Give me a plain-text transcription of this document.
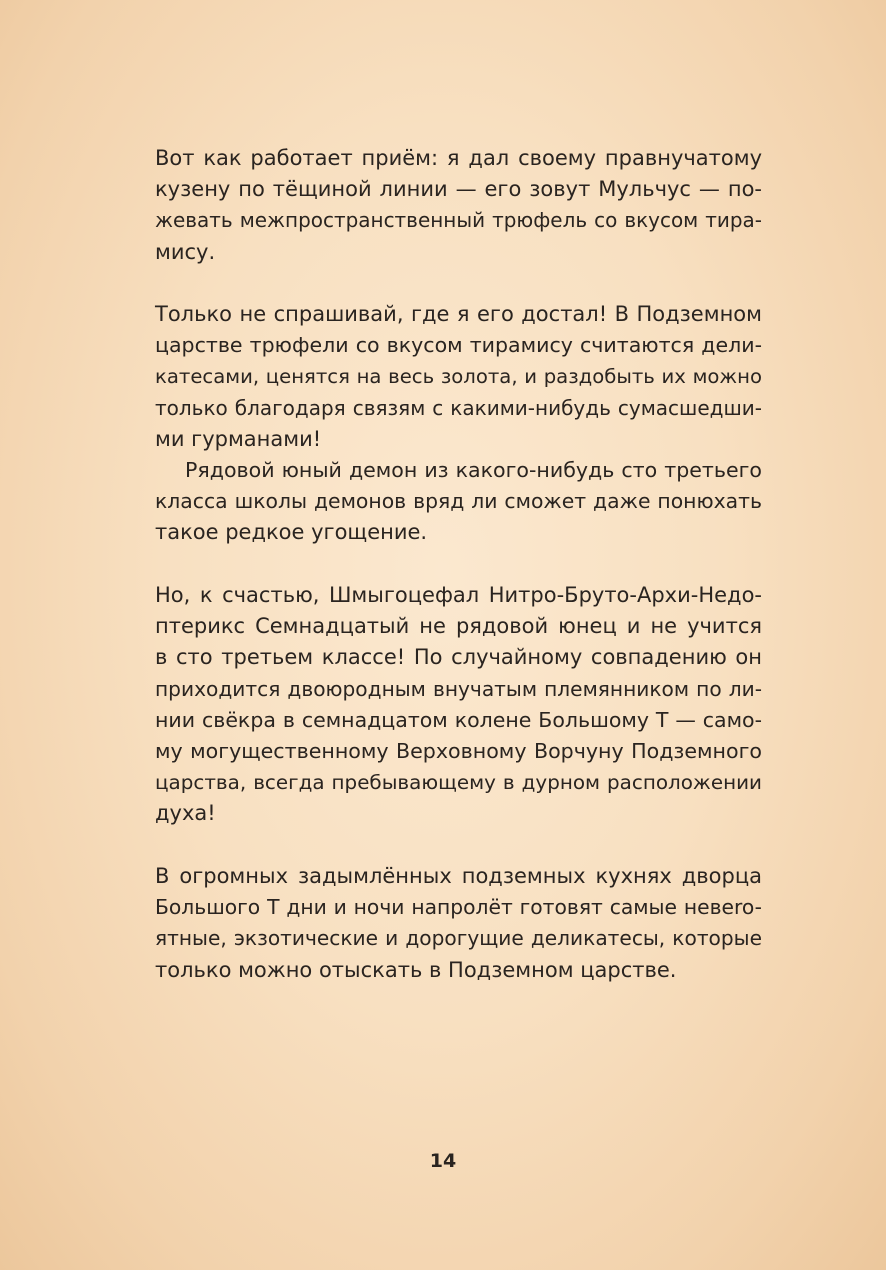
Вот как работает приём: я дал своему правнучатому
кузену по тёщиной линии — его зовут Мульчус — по-
жевать межпространственный трюфель со вкусом тира-
мису.
Только не спрашивай, где я его достал! В Подземном
царстве трюфели со вкусом тирамису считаются дели-
катесами, ценятся на весь золота, и раздобыть их можно
только благодаря связям с какими-нибудь сумасшедши-
ми гурманами!
Рядовой юный демон из какого-нибудь сто третьего
класса школы демонов вряд ли сможет даже понюхать
такое редкое угощение.
Но, к счастью, Шмыгоцефал Нитро-Бруто-Архи-Недо-
птерикс Семнадцатый не рядовой юнец и не учится
в сто третьем классе! По случайному совпадению он
приходится двоюродным внучатым племянником по ли-
нии свёкра в семнадцатом колене Большому Т — само-
му могущественному Верховному Ворчуну Подземного
царства, всегда пребывающему в дурном расположении
духа!
В огромных задымлённых подземных кухнях дворца
Большого Т дни и ночи напролёт готовят самые невero-
ятные, экзотические и дорогущие деликатесы, которые
только можно отыскать в Подземном царстве.
14
